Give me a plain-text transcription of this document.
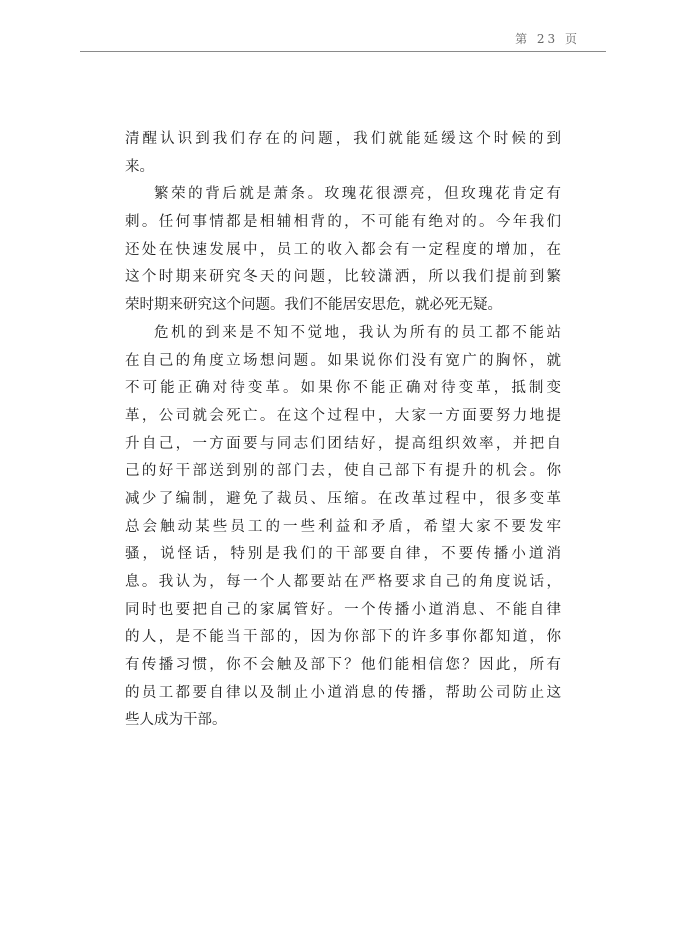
第 23 页
清醒认识到我们存在的问题，我们就能延缓这个时候的到
来。
繁荣的背后就是萧条。玫瑰花很漂亮，但玫瑰花肯定有
刺。任何事情都是相辅相背的，不可能有绝对的。今年我们
还处在快速发展中，员工的收入都会有一定程度的增加，在
这个时期来研究冬天的问题，比较潇洒，所以我们提前到繁
荣时期来研究这个问题。我们不能居安思危，就必死无疑。
危机的到来是不知不觉地，我认为所有的员工都不能站
在自己的角度立场想问题。如果说你们没有宽广的胸怀，就
不可能正确对待变革。如果你不能正确对待变革，抵制变
革，公司就会死亡。在这个过程中，大家一方面要努力地提
升自己，一方面要与同志们团结好，提高组织效率，并把自
己的好干部送到别的部门去，使自己部下有提升的机会。你
减少了编制，避免了裁员、压缩。在改革过程中，很多变革
总会触动某些员工的一些利益和矛盾，希望大家不要发牢
骚，说怪话，特别是我们的干部要自律，不要传播小道消
息。我认为，每一个人都要站在严格要求自己的角度说话，
同时也要把自己的家属管好。一个传播小道消息、不能自律
的人，是不能当干部的，因为你部下的许多事你都知道，你
有传播习惯，你不会触及部下？他们能相信您？因此，所有
的员工都要自律以及制止小道消息的传播，帮助公司防止这
些人成为干部。
